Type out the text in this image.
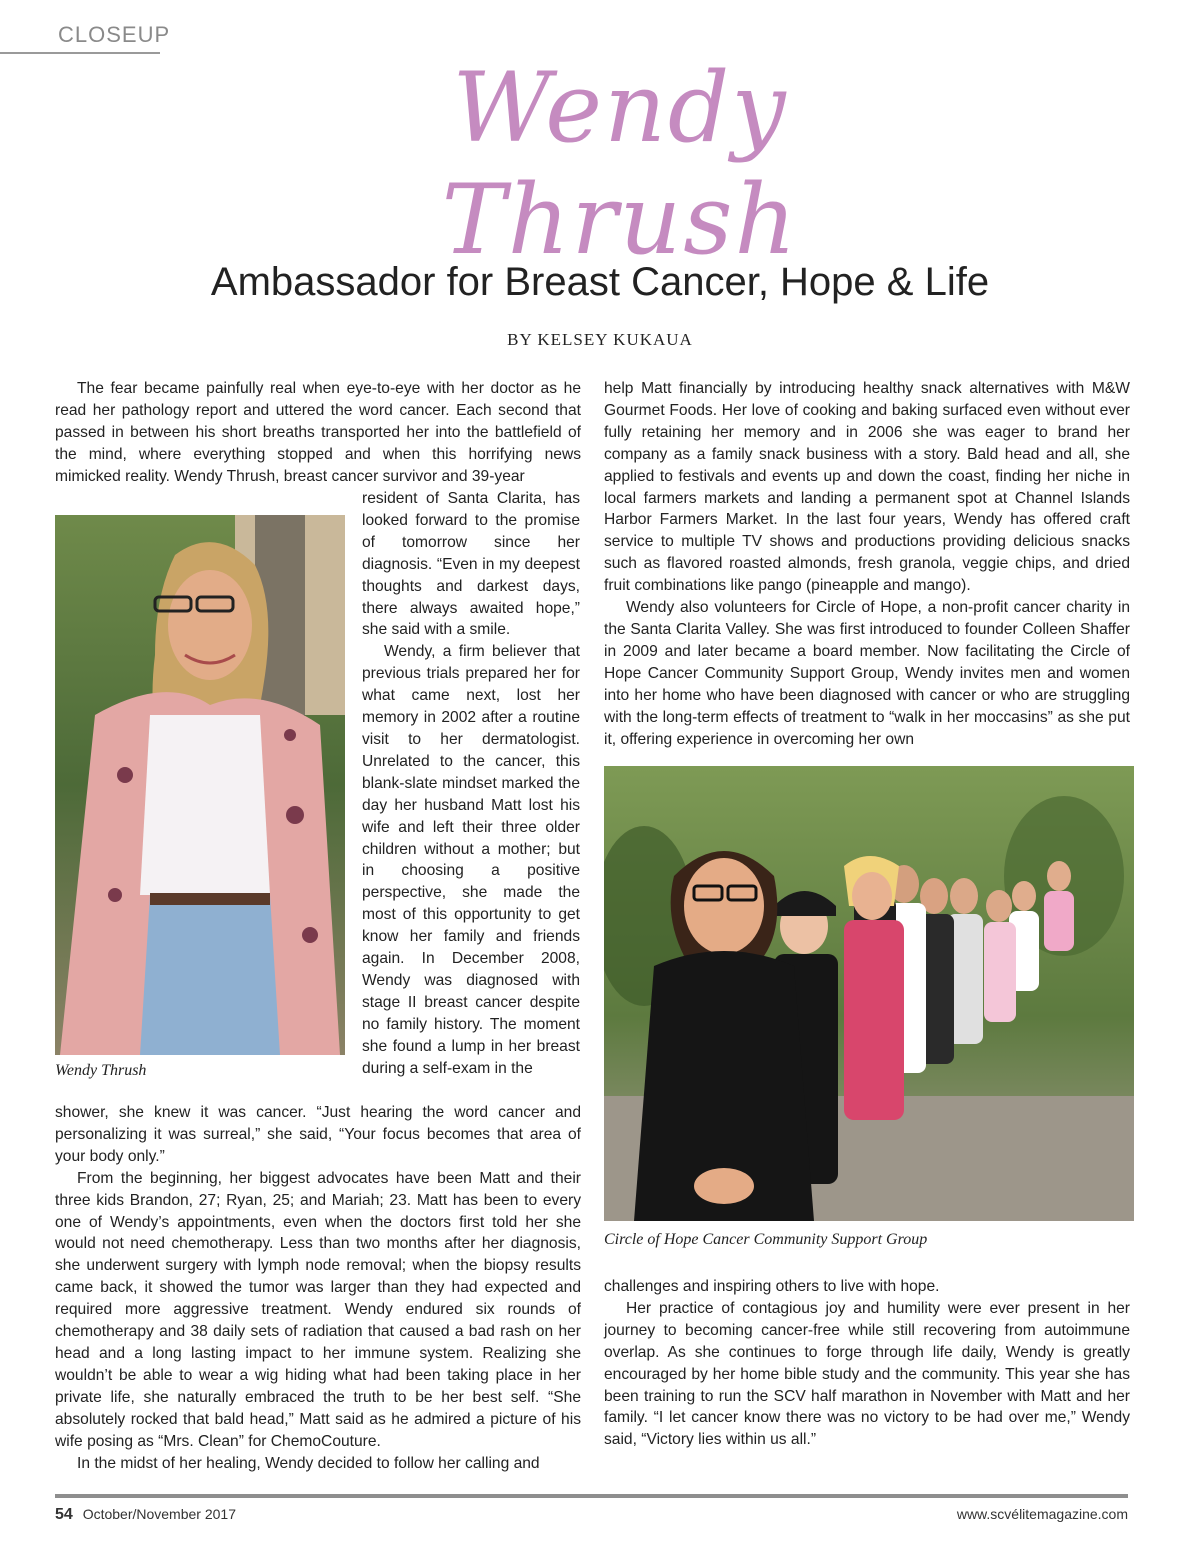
CLOSEUP
Wendy Thrush
Ambassador for Breast Cancer, Hope & Life
BY KELSEY KUKAUA

The fear became painfully real when eye-to-eye with her doctor as he read her pathology report and uttered the word cancer. Each second that passed in between his short breaths transported her into the battlefield of the mind, where everything stopped and when this horrifying news mimicked reality. Wendy Thrush, breast cancer survivor and 39-year

Wendy Thrush

resident of Santa Clarita, has looked forward to the promise of tomorrow since her diagnosis. “Even in my deepest thoughts and darkest days, there always awaited hope,” she said with a smile.

Wendy, a firm believer that previous trials prepared her for what came next, lost her memory in 2002 after a routine visit to her dermatologist. Unrelated to the cancer, this blank-slate mindset marked the day her husband Matt lost his wife and left their three older children without a mother; but in choosing a positive perspective, she made the most of this opportunity to get know her family and friends again. In December 2008, Wendy was diagnosed with stage II breast cancer despite no family history. The moment she found a lump in her breast during a self-exam in the

shower, she knew it was cancer. “Just hearing the word cancer and personalizing it was surreal,” she said, “Your focus becomes that area of your body only.”

From the beginning, her biggest advocates have been Matt and their three kids Brandon, 27; Ryan, 25; and Mariah; 23. Matt has been to every one of Wendy’s appointments, even when the doctors first told her she would not need chemotherapy. Less than two months after her diagnosis, she underwent surgery with lymph node removal; when the biopsy results came back, it showed the tumor was larger than they had expected and required more aggressive treatment. Wendy endured six rounds of chemotherapy and 38 daily sets of radiation that caused a bad rash on her head and a long lasting impact to her immune system. Realizing she wouldn’t be able to wear a wig hiding what had been taking place in her private life, she naturally embraced the truth to be her best self. “She absolutely rocked that bald head,” Matt said as he admired a picture of his wife posing as “Mrs. Clean” for ChemoCouture.

In the midst of her healing, Wendy decided to follow her calling and

help Matt financially by introducing healthy snack alternatives with M&W Gourmet Foods. Her love of cooking and baking surfaced even without ever fully retaining her memory and in 2006 she was eager to brand her company as a family snack business with a story. Bald head and all, she applied to festivals and events up and down the coast, finding her niche in local farmers markets and landing a permanent spot at Channel Islands Harbor Farmers Market. In the last four years, Wendy has offered craft service to multiple TV shows and productions providing delicious snacks such as flavored roasted almonds, fresh granola, veggie chips, and dried fruit combinations like pango (pineapple and mango).

Wendy also volunteers for Circle of Hope, a non-profit cancer charity in the Santa Clarita Valley. She was first introduced to founder Colleen Shaffer in 2009 and later became a board member. Now facilitating the Circle of Hope Cancer Community Support Group, Wendy invites men and women into her home who have been diagnosed with cancer or who are struggling with the long-term effects of treatment to “walk in her moccasins” as she put it, offering experience in overcoming her own

Circle of Hope Cancer Community Support Group

challenges and inspiring others to live with hope.

Her practice of contagious joy and humility were ever present in her journey to becoming cancer-free while still recovering from autoimmune overlap. As she continues to forge through life daily, Wendy is greatly encouraged by her home bible study and the community. This year she has been training to run the SCV half marathon in November with Matt and her family. “I let cancer know there was no victory to be had over me,” Wendy said, “Victory lies within us all.”

54 October/November 2017	www.scvélitemagazine.com
